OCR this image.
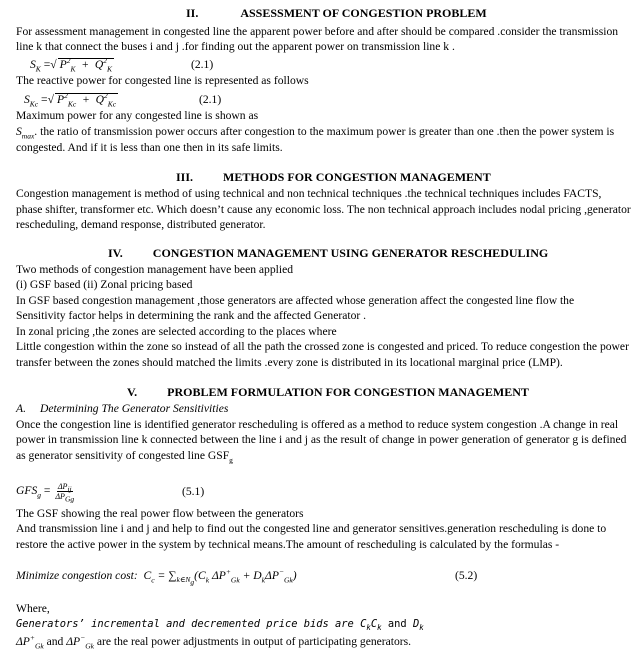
II.	ASSESSMENT OF CONGESTION PROBLEM
For assessment management in congested line the apparent power before and after should be compared .consider the transmission
line k that connect the buses i and j .for finding out the apparent power on transmission line k .
$S_K$ =√ $P^2_K + Q^2_K$	(2.1)
The reactive power for congested line is represented as follows
$S_{Kc}$ =√ $P^2_{Kc} + Q^2_{Kc}$	(2.1)
Maximum power for any congested line is shown as
$S_{max}$. the ratio of transmission power occurs after congestion to the maximum power is greater than one .then the power system is
congested. And if it is less than one then in its safe limits.
III.	METHODS FOR CONGESTION MANAGEMENT
Congestion management is method of using technical and non technical techniques .the technical techniques includes FACTS,
phase shifter, transformer etc. Which doesn’t cause any economic loss. The non technical approach includes nodal pricing ,generator
rescheduling, demand response, distributed generator.
IV.	CONGESTION MANAGEMENT USING GENERATOR RESCHEDULING
Two methods of congestion management have been applied
(i) GSF based (ii) Zonal pricing based
In GSF based congestion management ,those generators are affected whose generation affect the congested line flow the
Sensitivity factor helps in determining the rank and the affected Generator .
In zonal pricing ,the zones are selected according to the places where
Little congestion within the zone so instead of all the path the crossed zone is congested and priced. To reduce congestion the power
transfer between the zones should matched the limits .every zone is distributed in its locational marginal price (LMP).
V.	PROBLEM FORMULATION FOR CONGESTION MANAGEMENT
A. Determining The Generator Sensitivities
Once the congestion line is identified generator rescheduling is offered as a method to reduce system congestion .A change in real
power in transmission line k connected between the line i and j as the result of change in power generation of generator g is defined
as generator sensitivity of congested line $GSF_g$
$GFS_g = \frac{\Delta P_{ij}}{\Delta P_{Gg}}$	(5.1)
The GSF showing the real power flow between the generators
And transmission line i and j and help to find out the congested line and generator sensitives.generation rescheduling is done to
restore the active power in the system by technical means.The amount of rescheduling is calculated by the formulas -
Minimize congestion cost: $C_c = \sum_{k\in N_g}(C_k$ $\Delta P^+_{Gk} + D_k\Delta P^-_{Gk}$)	(5.2)
Where,
Generators’ incremental and decremented price bids are $C_kC_k$ and $D_k$
$\Delta P^+_{Gk}$ and $\Delta P^-_{Gk}$ are the real power adjustments in output of participating generators.
